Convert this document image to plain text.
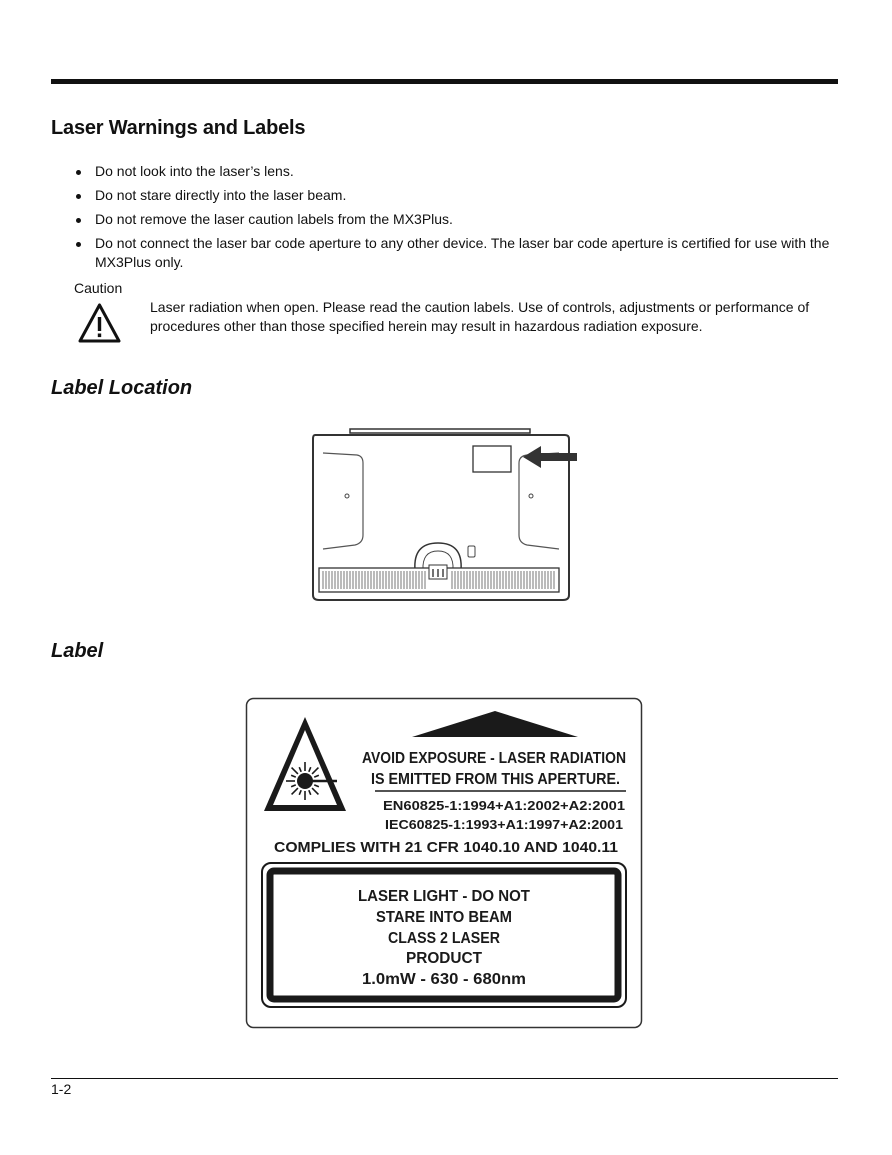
Laser Warnings and Labels
Do not look into the laser’s lens.
Do not stare directly into the laser beam.
Do not remove the laser caution labels from the MX3Plus.
Do not connect the laser bar code aperture to any other device. The laser bar code aperture is certified for use with the MX3Plus only.
Caution
Laser radiation when open. Please read the caution labels. Use of controls, adjustments or performance of procedures other than those specified herein may result in hazardous radiation exposure.
Label Location
Label
AVOID EXPOSURE - LASER RADIATION
IS EMITTED FROM THIS APERTURE.
EN60825-1:1994+A1:2002+A2:2001
IEC60825-1:1993+A1:1997+A2:2001
COMPLIES WITH 21 CFR 1040.10 AND 1040.11
LASER LIGHT - DO NOT
STARE INTO BEAM
CLASS 2 LASER
PRODUCT
1.0mW - 630 - 680nm
1-2
